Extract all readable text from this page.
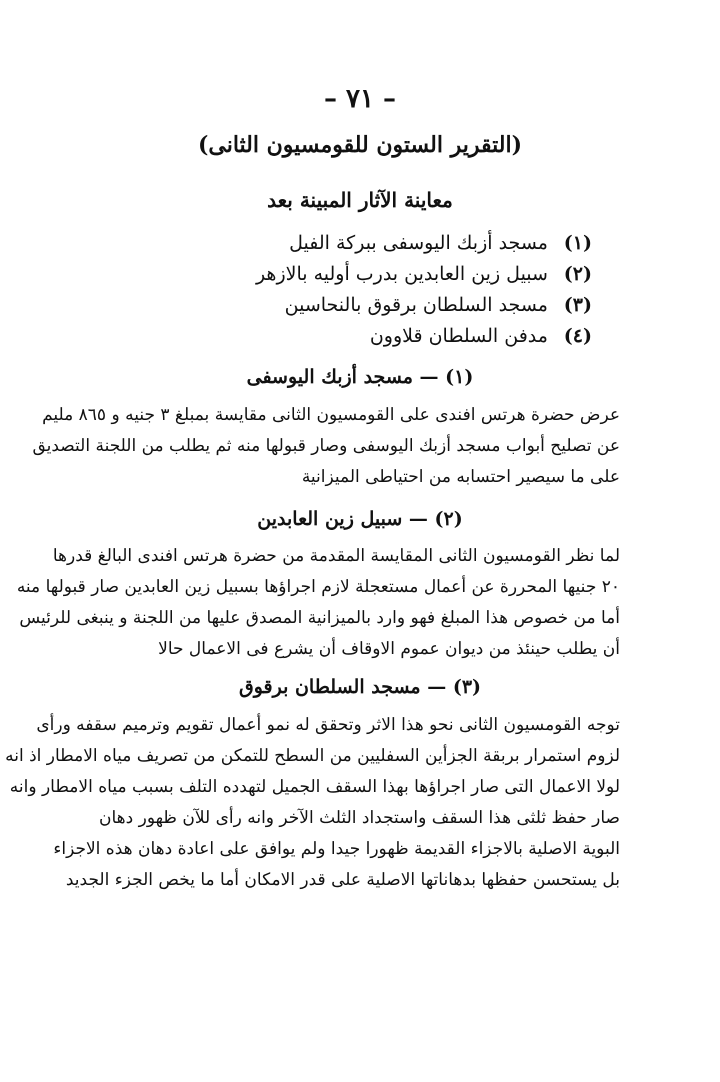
– ٧١ –
(التقرير الستون للقومسيون الثانى)
معاينة الآثار المبينة بعد
(١) مسجد أزبك اليوسفى ببركة الفيل
(٢) سبيل زين العابدين بدرب أوليه بالازهر
(٣) مسجد السلطان برقوق بالنحاسين
(٤) مدفن السلطان قلاوون
(١) — مسجد أزبك اليوسفى
عرض حضرة هرتس افندى على القومسيون الثانى مقايسة بمبلغ ٣ جنيه و ٨٦٥ مليم
عن تصليح أبواب مسجد أزبك اليوسفى وصار قبولها منه ثم يطلب من اللجنة التصديق
على ما سيصير احتسابه من احتياطى الميزانية
(٢) — سبيل زين العابدين
لما نظر القومسيون الثانى المقايسة المقدمة من حضرة هرتس افندى البالغ قدرها
٢٠ جنيها المحررة عن أعمال مستعجلة لازم اجراؤها بسبيل زين العابدين صار قبولها منه
أما من خصوص هذا المبلغ فهو وارد بالميزانية المصدق عليها من اللجنة و ينبغى للرئيس
أن يطلب حينئذ من ديوان عموم الاوقاف أن يشرع فى الاعمال حالا
(٣) — مسجد السلطان برقوق
توجه القومسيون الثانى نحو هذا الاثر وتحقق له نمو أعمال تقويم وترميم سقفه ورأى
لزوم استمرار بربقة الجزأين السفليين من السطح للتمكن من تصريف مياه الامطار اذ انه
لولا الاعمال التى صار اجراؤها بهذا السقف الجميل لتهدده التلف بسبب مياه الامطار وانه
صار حفظ ثلثى هذا السقف واستجداد الثلث الآخر وانه رأى للآن ظهور دهان
البوية الاصلية بالاجزاء القديمة ظهورا جيدا ولم يوافق على اعادة دهان هذه الاجزاء
بل يستحسن حفظها بدهاناتها الاصلية على قدر الامكان أما ما يخص الجزء الجديد
